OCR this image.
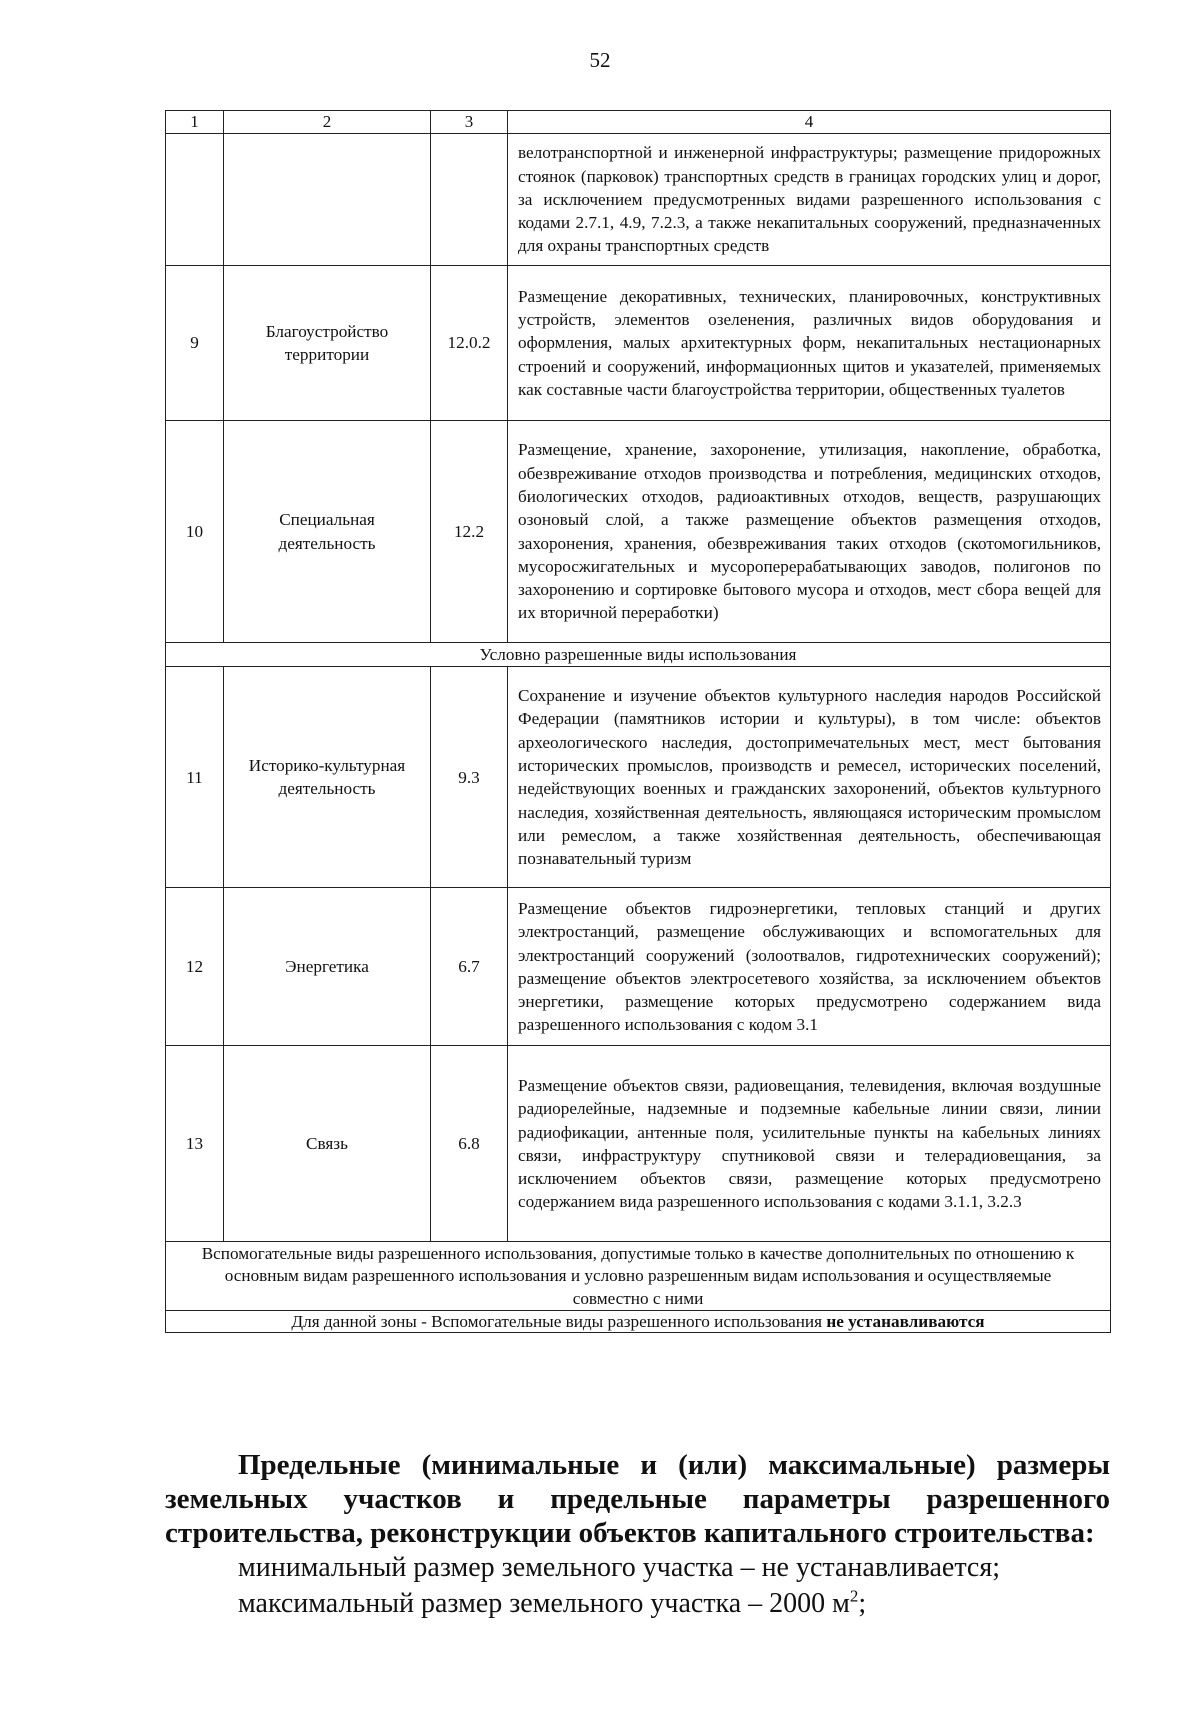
52
1	2	3	4
			велотранспортной и инженерной инфраструктуры; размещение придорожных стоянок (парковок) транспортных средств в границах городских улиц и дорог, за исключением предусмотренных видами разрешенного использования с кодами 2.7.1, 4.9, 7.2.3, а также некапитальных сооружений, предназначенных для охраны транспортных средств
9	Благоустройство территории	12.0.2	Размещение декоративных, технических, планировочных, конструктивных устройств, элементов озеленения, различных видов оборудования и оформления, малых архитектурных форм, некапитальных нестационарных строений и сооружений, информационных щитов и указателей, применяемых как составные части благоустройства территории, общественных туалетов
10	Специальная деятельность	12.2	Размещение, хранение, захоронение, утилизация, накопление, обработка, обезвреживание отходов производства и потребления, медицинских отходов, биологических отходов, радиоактивных отходов, веществ, разрушающих озоновый слой, а также размещение объектов размещения отходов, захоронения, хранения, обезвреживания таких отходов (скотомогильников, мусоросжигательных и мусороперерабатывающих заводов, полигонов по захоронению и сортировке бытового мусора и отходов, мест сбора вещей для их вторичной переработки)
Условно разрешенные виды использования			
11	Историко-культурная деятельность	9.3	Сохранение и изучение объектов культурного наследия народов Российской Федерации (памятников истории и культуры), в том числе: объектов археологического наследия, достопримечательных мест, мест бытования исторических промыслов, производств и ремесел, исторических поселений, недействующих военных и гражданских захоронений, объектов культурного наследия, хозяйственная деятельность, являющаяся историческим промыслом или ремеслом, а также хозяйственная деятельность, обеспечивающая познавательный туризм
12	Энергетика	6.7	Размещение объектов гидроэнергетики, тепловых станций и других электростанций, размещение обслуживающих и вспомогательных для электростанций сооружений (золоотвалов, гидротехнических сооружений); размещение объектов электросетевого хозяйства, за исключением объектов энергетики, размещение которых предусмотрено содержанием вида разрешенного использования с кодом 3.1
13	Связь	6.8	Размещение объектов связи, радиовещания, телевидения, включая воздушные радиорелейные, надземные и подземные кабельные линии связи, линии радиофикации, антенные поля, усилительные пункты на кабельных линиях связи, инфраструктуру спутниковой связи и телерадиовещания, за исключением объектов связи, размещение которых предусмотрено содержанием вида разрешенного использования с кодами 3.1.1, 3.2.3
Вспомогательные виды разрешенного использования, допустимые только в качестве дополнительных по отношению к основным видам разрешенного использования и условно разрешенным видам использования и осуществляемые совместно с ними			
Для данной зоны - Вспомогательные виды разрешенного использования не устанавливаются			
Предельные (минимальные и (или) максимальные) размеры земельных участков и предельные параметры разрешенного строительства, реконструкции объектов капитального строительства:
минимальный размер земельного участка – не устанавливается;
максимальный размер земельного участка – 2000 $м^2$;
